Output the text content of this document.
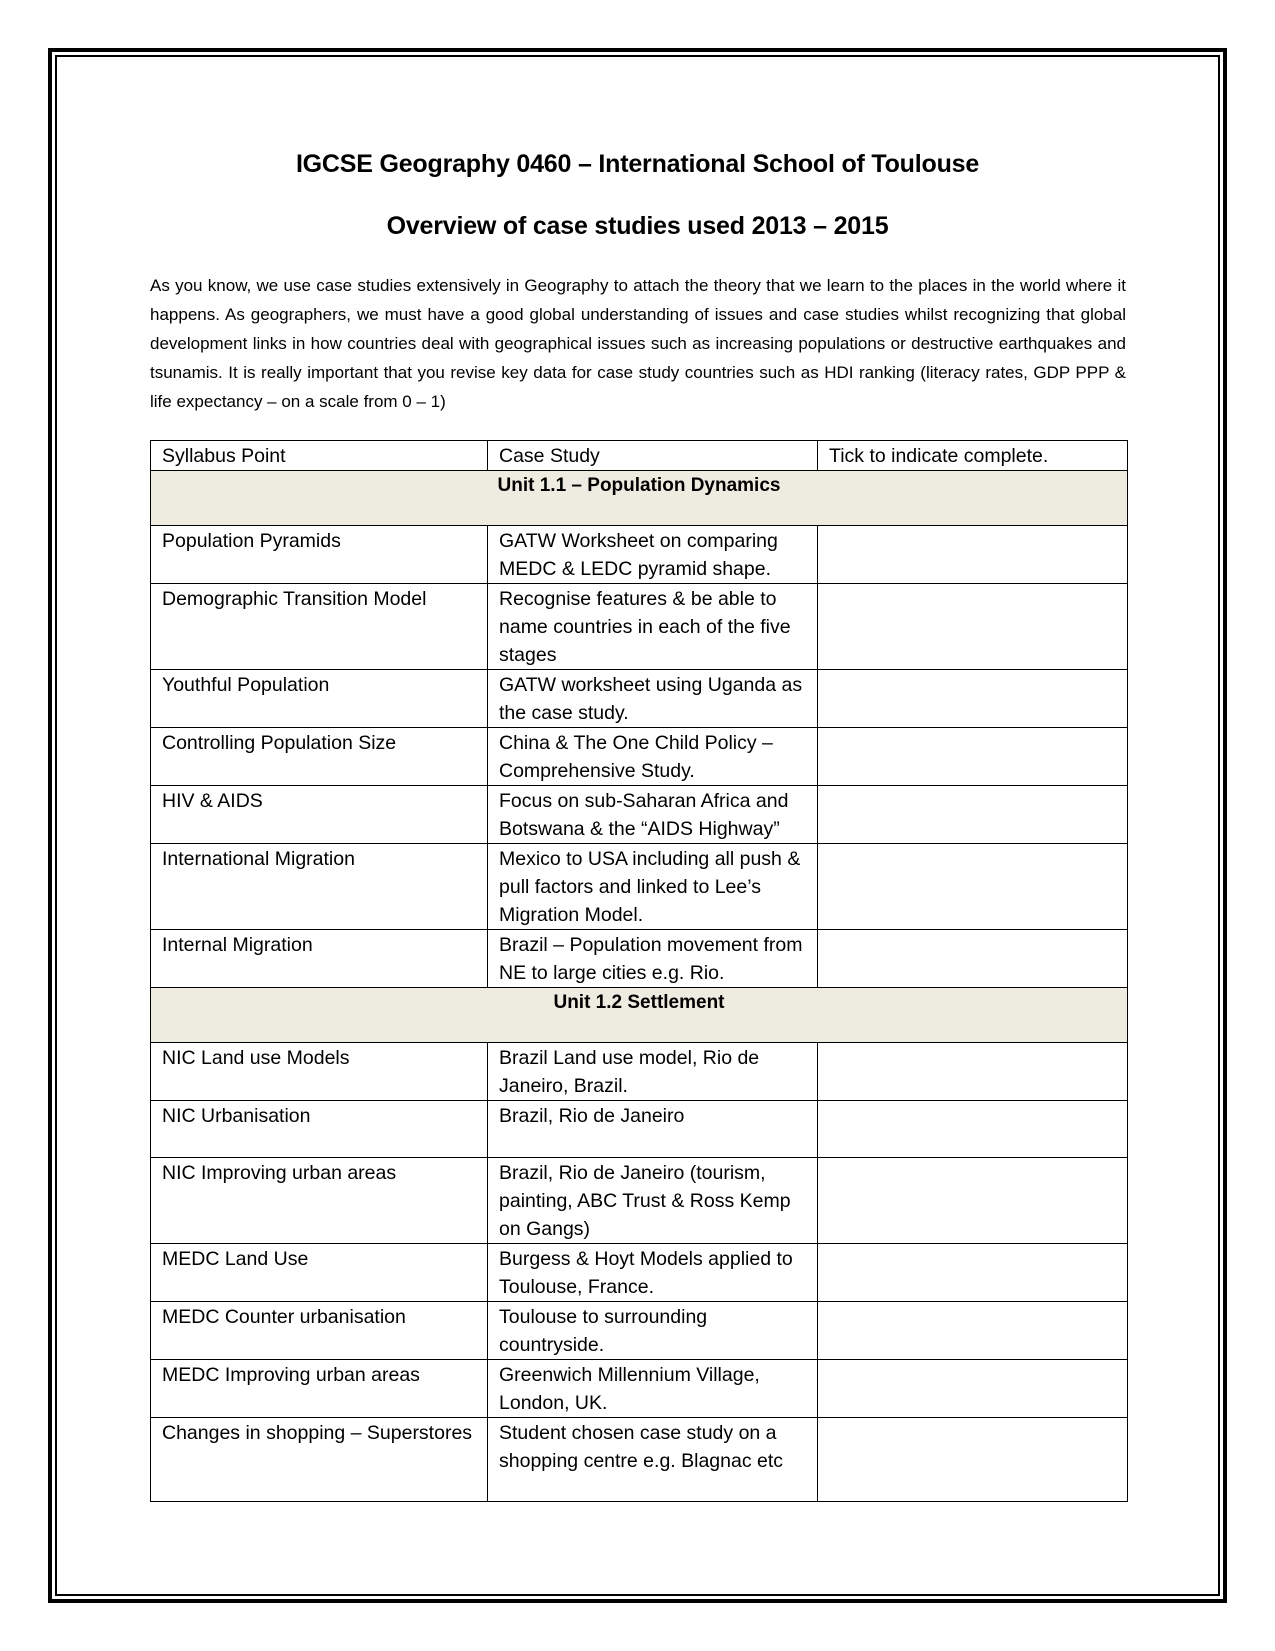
IGCSE Geography 0460 – International School of Toulouse
Overview of case studies used 2013 – 2015
As you know, we use case studies extensively in Geography to attach the theory that we learn to the places in the world where it happens. As geographers, we must have a good global understanding of issues and case studies whilst recognizing that global development links in how countries deal with geographical issues such as increasing populations or destructive earthquakes and tsunamis. It is really important that you revise key data for case study countries such as HDI ranking (literacy rates, GDP PPP & life expectancy – on a scale from 0 – 1)
Syllabus Point	Case Study	Tick to indicate complete.
Unit 1.1 – Population Dynamics		
Population Pyramids	GATW Worksheet on comparing MEDC & LEDC pyramid shape.	
Demographic Transition Model	Recognise features & be able to name countries in each of the five stages	
Youthful Population	GATW worksheet using Uganda as the case study.	
Controlling Population Size	China & The One Child Policy – Comprehensive Study.	
HIV & AIDS	Focus on sub-Saharan Africa and Botswana & the “AIDS Highway”	
International Migration	Mexico to USA including all push & pull factors and linked to Lee’s Migration Model.	
Internal Migration	Brazil – Population movement from NE to large cities e.g. Rio.	
Unit 1.2 Settlement		
NIC Land use Models	Brazil Land use model, Rio de Janeiro, Brazil.	
NIC Urbanisation	Brazil, Rio de Janeiro	
NIC Improving urban areas	Brazil, Rio de Janeiro (tourism, painting, ABC Trust & Ross Kemp on Gangs)	
MEDC Land Use	Burgess & Hoyt Models applied to Toulouse, France.	
MEDC Counter urbanisation	Toulouse to surrounding countryside.	
MEDC Improving urban areas	Greenwich Millennium Village, London, UK.	
Changes in shopping – Superstores	Student chosen case study on a shopping centre e.g. Blagnac etc	
